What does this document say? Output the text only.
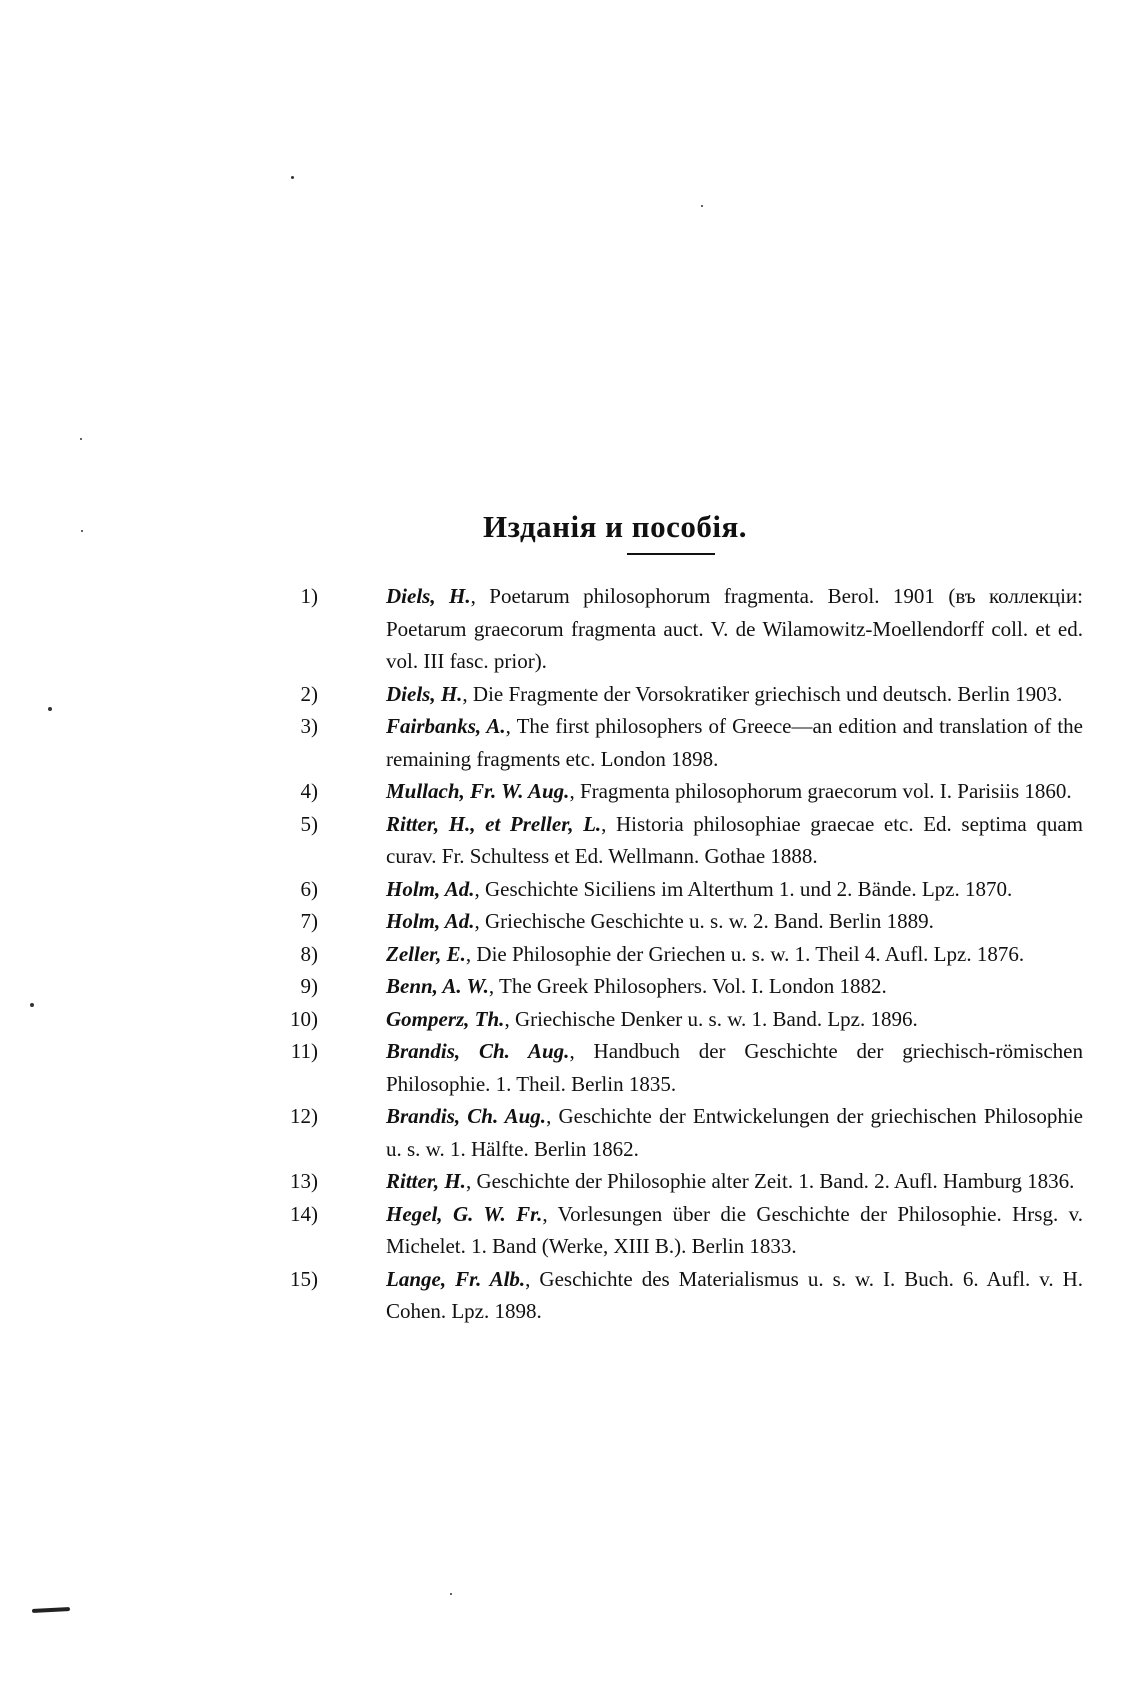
Изданія и пособія.
1)	Diels, H., Poetarum philosophorum fragmenta. Berol. 1901 (въ коллекціи: Poetarum graecorum fragmenta auct. V. de Wilamowitz-Moellendorff coll. et ed. vol. III fasc. prior).
2)	Diels, H., Die Fragmente der Vorsokratiker griechisch und deutsch. Berlin 1903.
3)	Fairbanks, A., The first philosophers of Greece—an edition and translation of the remaining fragments etc. London 1898.
4)	Mullach, Fr. W. Aug., Fragmenta philosophorum graecorum vol. I. Parisiis 1860.
5)	Ritter, H., et Preller, L., Historia philosophiae graecae etc. Ed. septima quam curav. Fr. Schultess et Ed. Wellmann. Gothae 1888.
6)	Holm, Ad., Geschichte Siciliens im Alterthum 1. und 2. Bände. Lpz. 1870.
7)	Holm, Ad., Griechische Geschichte u. s. w. 2. Band. Berlin 1889.
8)	Zeller, E., Die Philosophie der Griechen u. s. w. 1. Theil 4. Aufl. Lpz. 1876.
9)	Benn, A. W., The Greek Philosophers. Vol. I. London 1882.
10)	Gomperz, Th., Griechische Denker u. s. w. 1. Band. Lpz. 1896.
11)	Brandis, Ch. Aug., Handbuch der Geschichte der griechisch-römischen Philosophie. 1. Theil. Berlin 1835.
12)	Brandis, Ch. Aug., Geschichte der Entwickelungen der griechischen Philosophie u. s. w. 1. Hälfte. Berlin 1862.
13)	Ritter, H., Geschichte der Philosophie alter Zeit. 1. Band. 2. Aufl. Hamburg 1836.
14)	Hegel, G. W. Fr., Vorlesungen über die Geschichte der Philosophie. Hrsg. v. Michelet. 1. Band (Werke, XIII B.). Berlin 1833.
15)	Lange, Fr. Alb., Geschichte des Materialismus u. s. w. I. Buch. 6. Aufl. v. H. Cohen. Lpz. 1898.
